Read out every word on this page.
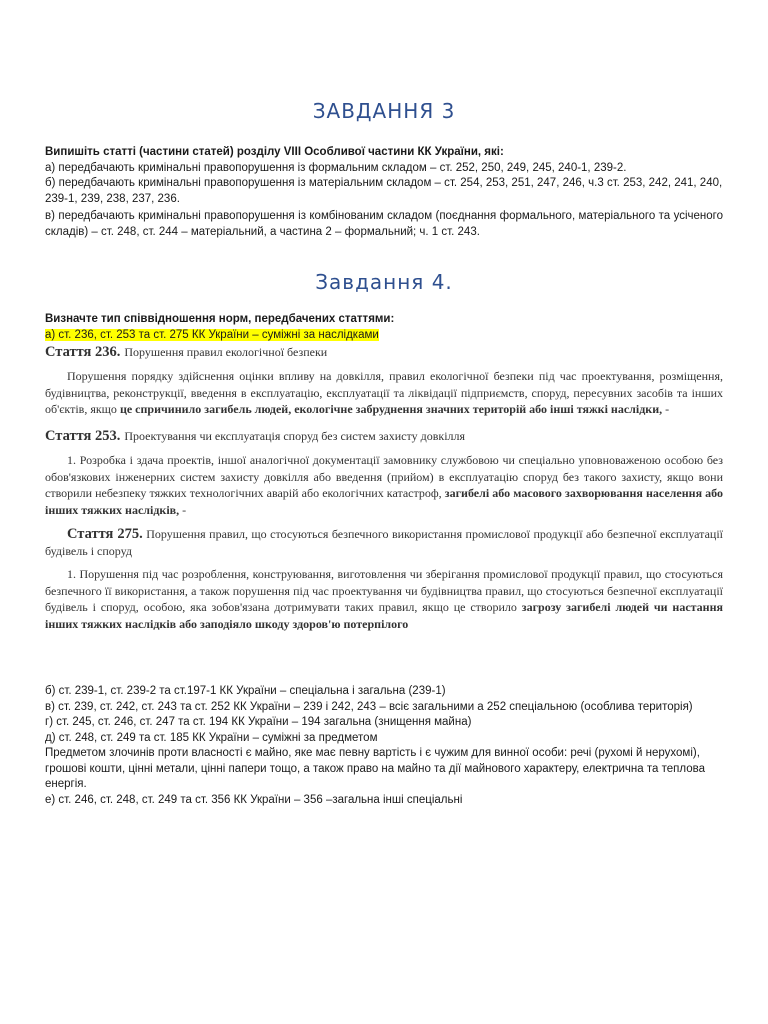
ЗАВДАННЯ 3
Випишіть статті (частини статей) розділу VIII Особливої частини КК України, які:
а) передбачають кримінальні правопорушення із формальним складом – ст. 252, 250, 249, 245, 240-1, 239-2.
б) передбачають кримінальні правопорушення із матеріальним складом – ст. 254, 253, 251, 247, 246, ч.3 ст. 253, 242, 241, 240,
239-1, 239, 238, 237, 236.
в) передбачають кримінальні правопорушення із комбінованим складом (поєднання формального, матеріального та усіченого складів) – ст. 248, ст. 244 – матеріальний, а частина 2 – формальний; ч. 1 ст. 243.
Завдання 4.
Визначте тип співвідношення норм, передбачених статтями:
а) ст. 236, ст. 253 та ст. 275 КК України – суміжні за наслідками
Стаття 236. Порушення правил екологічної безпеки
Порушення порядку здійснення оцінки впливу на довкілля, правил екологічної безпеки під час проектування, розміщення, будівництва, реконструкції, введення в експлуатацію, експлуатації та ліквідації підприємств, споруд, пересувних засобів та інших об'єктів, якщо це спричинило загибель людей, екологічне забруднення значних територій або інші тяжкі наслідки, -
Стаття 253. Проектування чи експлуатація споруд без систем захисту довкілля
1. Розробка і здача проектів, іншої аналогічної документації замовнику службовою чи спеціально уповноваженою особою без обов'язкових інженерних систем захисту довкілля або введення (прийом) в експлуатацію споруд без такого захисту, якщо вони створили небезпеку тяжких технологічних аварій або екологічних катастроф, загибелі або масового захворювання населення або інших тяжких наслідків, -
Стаття 275. Порушення правил, що стосуються безпечного використання промислової продукції або безпечної експлуатації будівель і споруд
1. Порушення під час розроблення, конструювання, виготовлення чи зберігання промислової продукції правил, що стосуються безпечного її використання, а також порушення під час проектування чи будівництва правил, що стосуються безпечної експлуатації будівель і споруд, особою, яка зобов'язана дотримувати таких правил, якщо це створило загрозу загибелі людей чи настання інших тяжких наслідків або заподіяло шкоду здоров'ю потерпілого
б) ст. 239-1, ст. 239-2 та ст.197-1 КК України – спеціальна і загальна (239-1)
в) ст. 239, ст. 242, ст. 243 та ст. 252 КК України – 239 і 242, 243 – всіє загальними а 252 спеціальною (особлива територія)
г) ст. 245, ст. 246, ст. 247 та ст. 194 КК України – 194 загальна (знищення майна)
д) ст. 248, ст. 249 та ст. 185 КК України – суміжні за предметом
Предметом злочинів проти власності є майно, яке має певну вартість і є чужим для винної особи: речі (рухомі й нерухомі),
грошові кошти, цінні метали, цінні папери тощо, а також право на майно та дії майнового характеру, електрична та теплова
енергія.
е) ст. 246, ст. 248, ст. 249 та ст. 356 КК України – 356 –загальна інші спеціальні
